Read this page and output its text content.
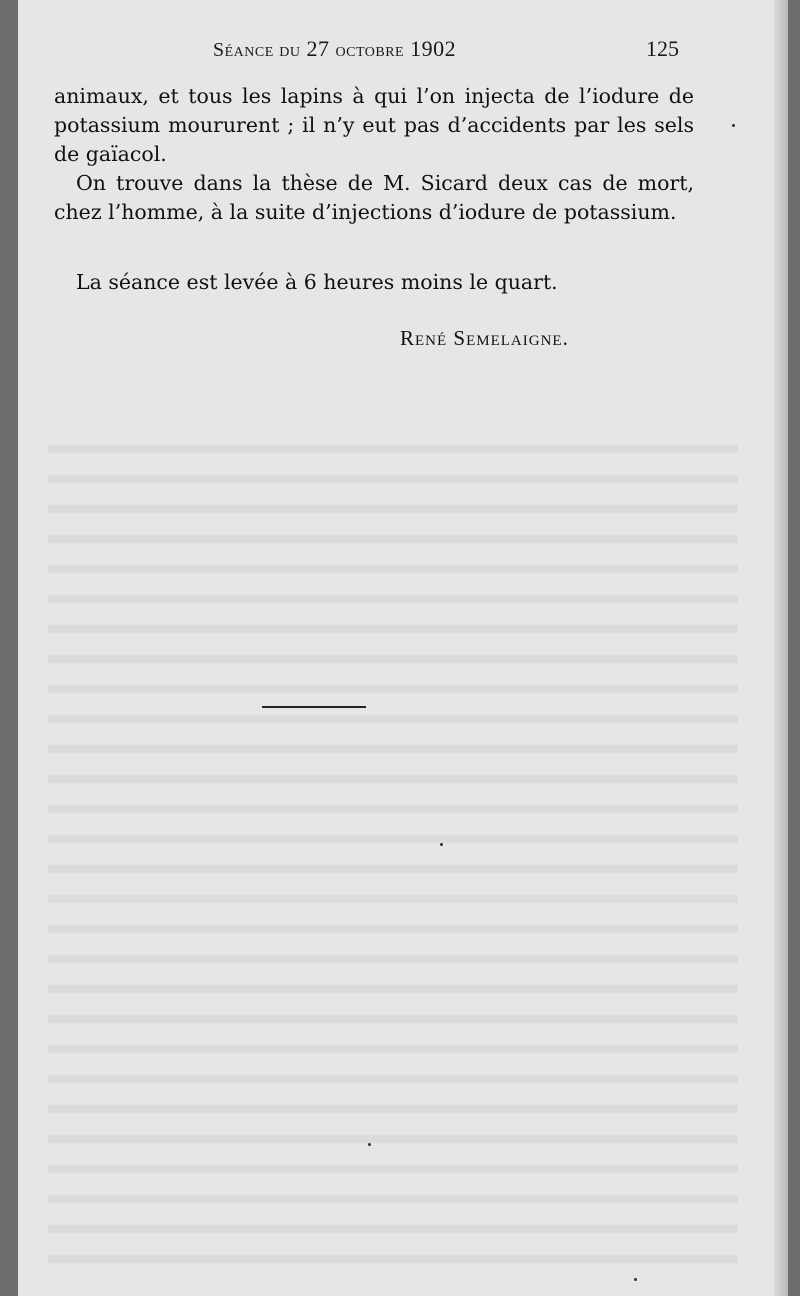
Séance du 27 octobre 1902	125

animaux, et tous les lapins à qui l’on injecta de l’iodure de potassium moururent ; il n’y eut pas d’accidents par les sels de gaïacol.

On trouve dans la thèse de M. Sicard deux cas de mort, chez l’homme, à la suite d’injections d’iodure de potassium.

La séance est levée à 6 heures moins le quart.
René Semelaigne.
